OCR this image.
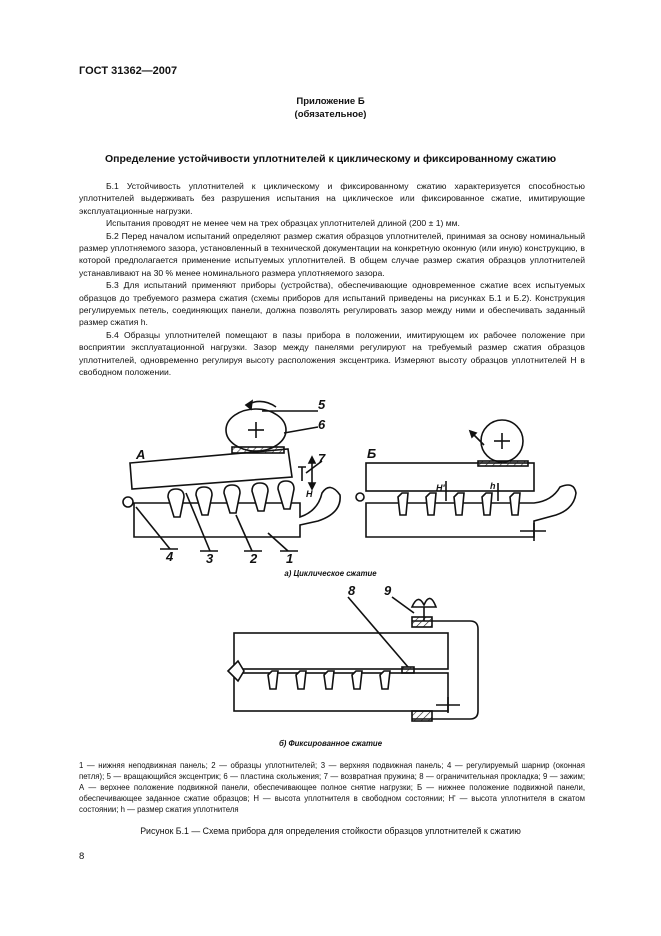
ГОСТ 31362—2007
Приложение Б
(обязательное)
Определение устойчивости уплотнителей к циклическому и фиксированному сжатию

Б.1 Устойчивость уплотнителей к циклическому и фиксированному сжатию характеризуется способностью уплотнителей выдерживать без разрушения испытания на циклическое или фиксированное сжатие, имитирующие эксплуатационные нагрузки.

Испытания проводят не менее чем на трех образцах уплотнителей длиной (200 ± 1) мм.

Б.2 Перед началом испытаний определяют размер сжатия образцов уплотнителей, принимая за основу номинальный размер уплотняемого зазора, установленный в технической документации на конкретную оконную (или иную) конструкцию, в которой предполагается применение испытуемых уплотнителей. В общем случае размер сжатия образцов уплотнителей устанавливают на 30 % менее номинального размера уплотняемого зазора.

Б.3 Для испытаний применяют приборы (устройства), обеспечивающие одновременное сжатие всех испытуемых образцов до требуемого размера сжатия (схемы приборов для испытаний приведены на рисунках Б.1 и Б.2). Конструкция регулируемых петель, соединяющих панели, должна позволять регулировать зазор между ними и обеспечивать заданный размер сжатия h.

Б.4 Образцы уплотнителей помещают в пазы прибора в положении, имитирующем их рабочее положение при восприятии эксплуатационной нагрузки. Зазор между панелями регулируют на требуемый размер сжатия образцов уплотнителей, одновременно регулируя высоту расположения эксцентрика. Измеряют высоту образцов уплотнителей H в свободном положении.

А	Б
5
6
7
4	3	2 1
8 9
H
H'	h
а) Циклическое сжатие
б) Фиксированное сжатие
1 — нижняя неподвижная панель; 2 — образцы уплотнителей; 3 — верхняя подвижная панель; 4 — регулируемый шарнир (оконная петля); 5 — вращающийся эксцентрик; 6 — пластина скольжения; 7 — возвратная пружина; 8 — ограничительная прокладка; 9 — зажим; А — верхнее положение подвижной панели, обеспечивающее полное снятие нагрузки; Б — нижнее положение подвижной панели, обеспечивающее заданное сжатие образцов; H — высота уплотнителя в свободном состоянии; H' — высота уплотнителя в сжатом состоянии; h — размер сжатия уплотнителя
Рисунок Б.1 — Схема прибора для определения стойкости образцов уплотнителей к сжатию
8
